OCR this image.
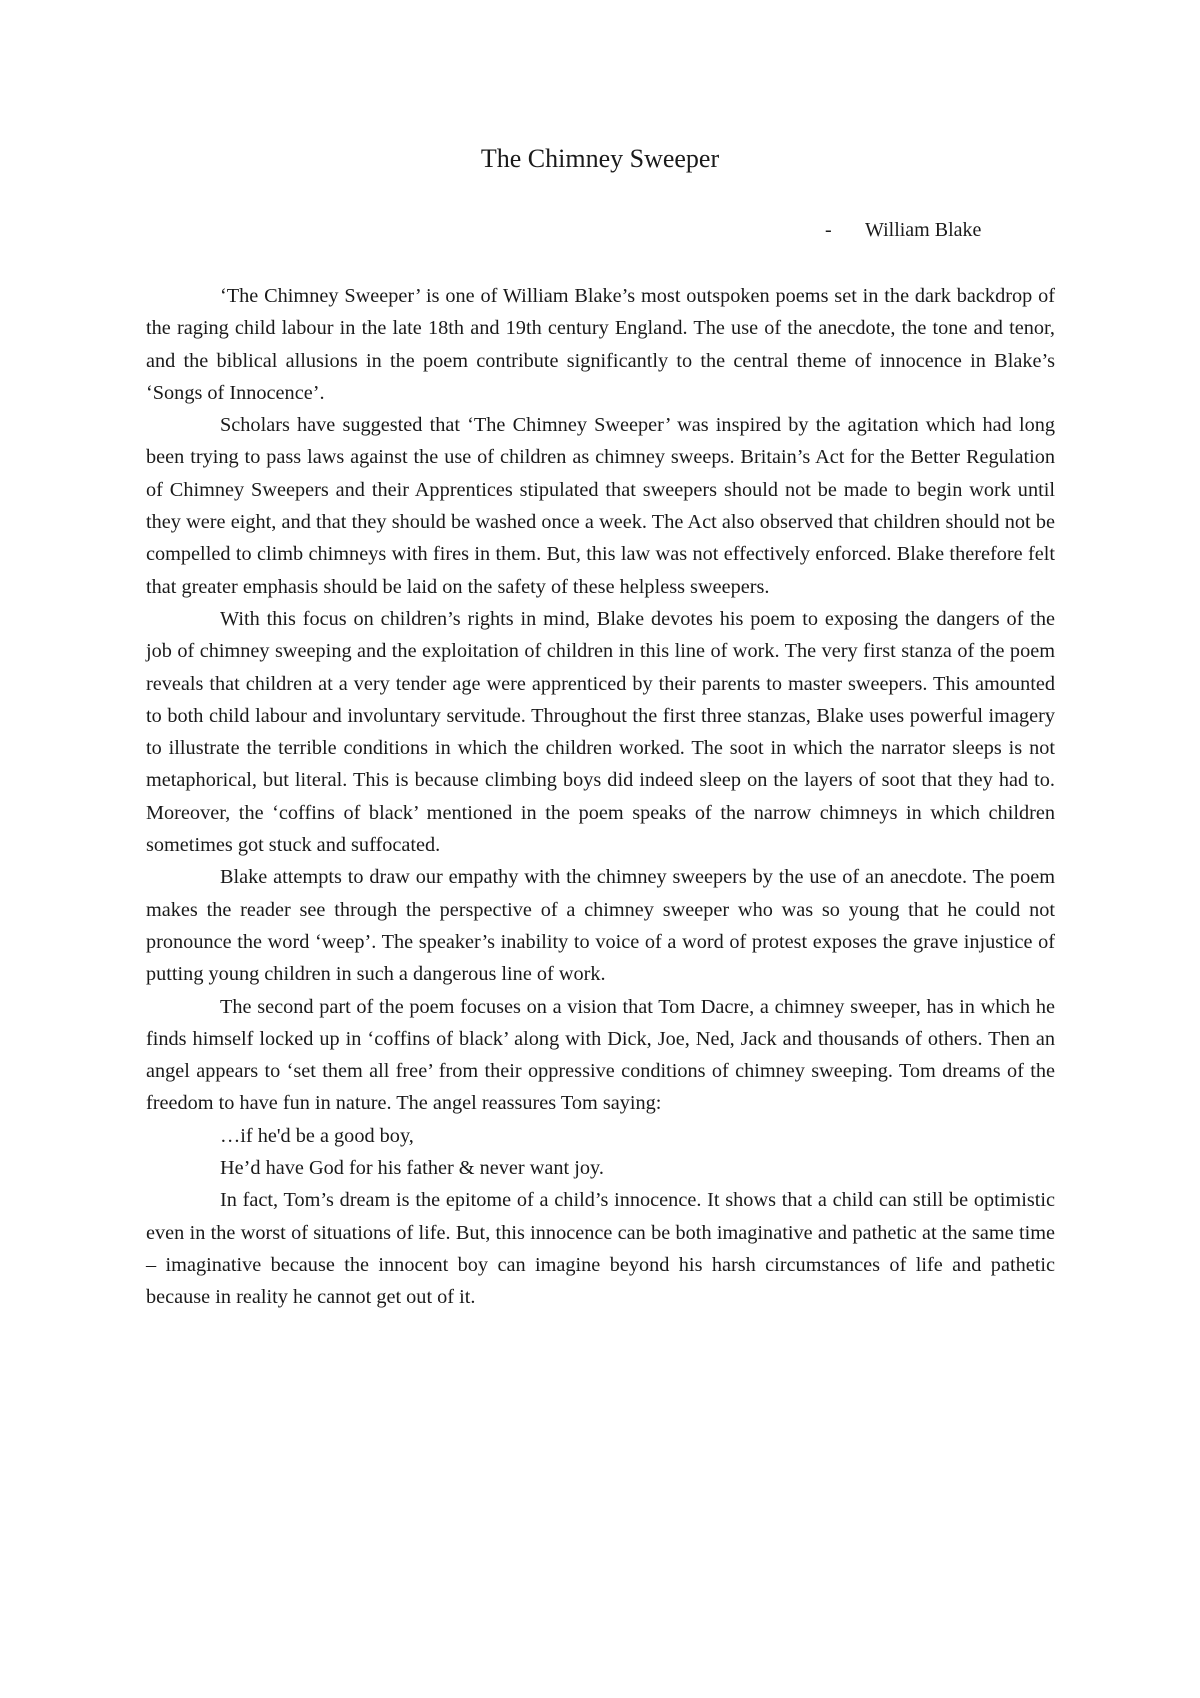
The Chimney Sweeper
- William Blake

‘The Chimney Sweeper’ is one of William Blake’s most outspoken poems set in the dark backdrop of the raging child labour in the late 18th and 19th century England. The use of the anecdote, the tone and tenor, and the biblical allusions in the poem contribute significantly to the central theme of innocence in Blake’s ‘Songs of Innocence’.

Scholars have suggested that ‘The Chimney Sweeper’ was inspired by the agitation which had long been trying to pass laws against the use of children as chimney sweeps. Britain’s Act for the Better Regulation of Chimney Sweepers and their Apprentices stipulated that sweepers should not be made to begin work until they were eight, and that they should be washed once a week. The Act also observed that children should not be compelled to climb chimneys with fires in them. But, this law was not effectively enforced. Blake therefore felt that greater emphasis should be laid on the safety of these helpless sweepers.

With this focus on children’s rights in mind, Blake devotes his poem to exposing the dangers of the job of chimney sweeping and the exploitation of children in this line of work. The very first stanza of the poem reveals that children at a very tender age were apprenticed by their parents to master sweepers. This amounted to both child labour and involuntary servitude. Throughout the first three stanzas, Blake uses powerful imagery to illustrate the terrible conditions in which the children worked. The soot in which the narrator sleeps is not metaphorical, but literal. This is because climbing boys did indeed sleep on the layers of soot that they had to. Moreover, the ‘coffins of black’ mentioned in the poem speaks of the narrow chimneys in which children sometimes got stuck and suffocated.

Blake attempts to draw our empathy with the chimney sweepers by the use of an anecdote. The poem makes the reader see through the perspective of a chimney sweeper who was so young that he could not pronounce the word ‘weep’. The speaker’s inability to voice of a word of protest exposes the grave injustice of putting young children in such a dangerous line of work.

The second part of the poem focuses on a vision that Tom Dacre, a chimney sweeper, has in which he finds himself locked up in ‘coffins of black’ along with Dick, Joe, Ned, Jack and thousands of others. Then an angel appears to ‘set them all free’ from their oppressive conditions of chimney sweeping. Tom dreams of the freedom to have fun in nature. The angel reassures Tom saying:

…if he'd be a good boy,

He’d have God for his father & never want joy.

In fact, Tom’s dream is the epitome of a child’s innocence. It shows that a child can still be optimistic even in the worst of situations of life. But, this innocence can be both imaginative and pathetic at the same time – imaginative because the innocent boy can imagine beyond his harsh circumstances of life and pathetic because in reality he cannot get out of it.
